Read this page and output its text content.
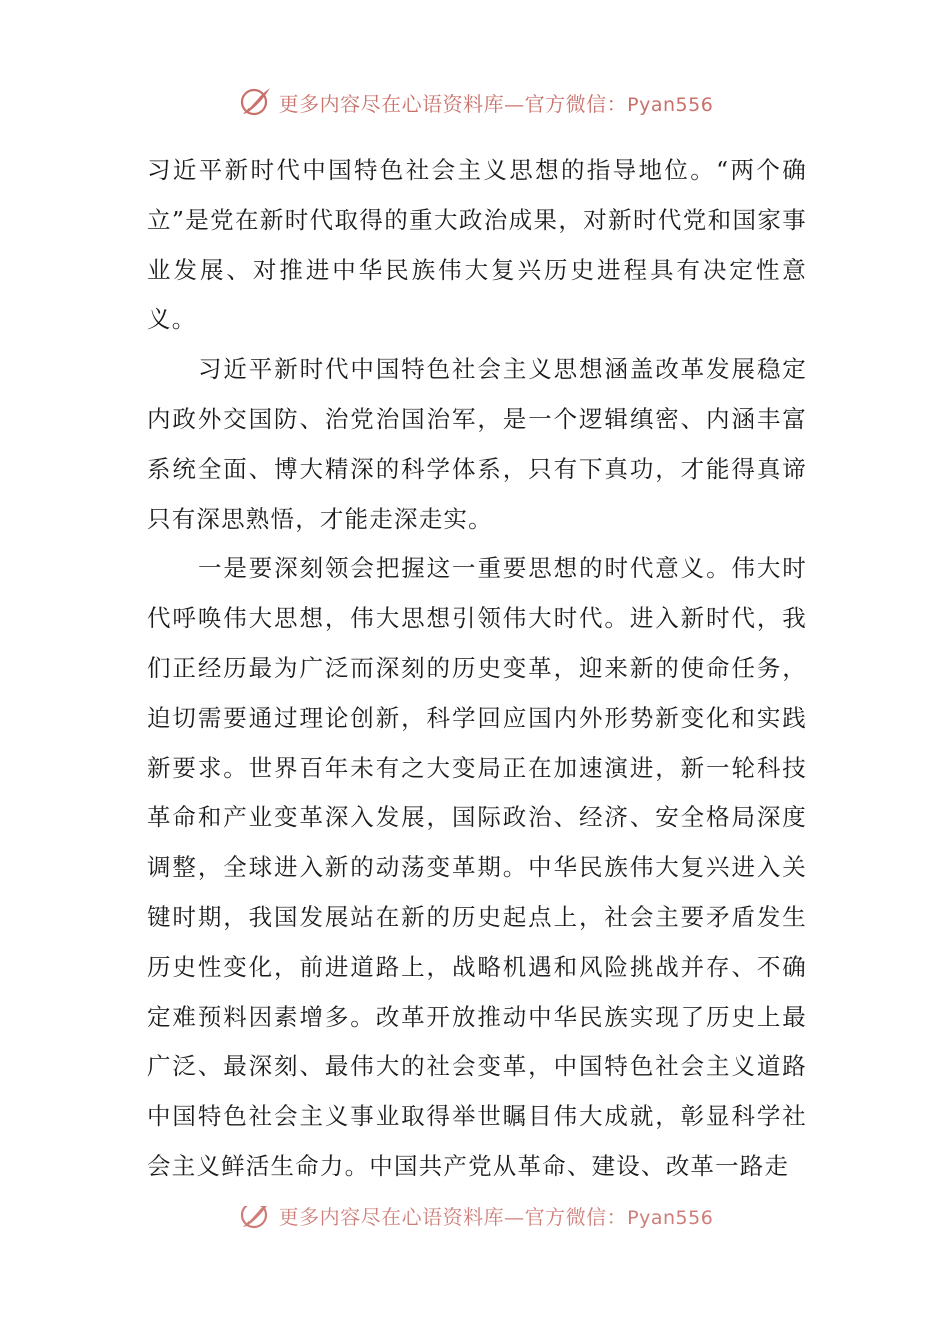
更多内容尽在心语资料库—官方微信：Pyan556

习近平新时代中国特色社会主义思想的指导地位。“两个确立”是党在新时代取得的重大政治成果，对新时代党和国家事业发展、对推进中华民族伟大复兴历史进程具有决定性意义。

习近平新时代中国特色社会主义思想涵盖改革发展稳定内政外交国防、治党治国治军，是一个逻辑缜密、内涵丰富系统全面、博大精深的科学体系，只有下真功，才能得真谛只有深思熟悟，才能走深走实。

一是要深刻领会把握这一重要思想的时代意义。伟大时代呼唤伟大思想，伟大思想引领伟大时代。进入新时代，我们正经历最为广泛而深刻的历史变革，迎来新的使命任务，迫切需要通过理论创新，科学回应国内外形势新变化和实践新要求。世界百年未有之大变局正在加速演进，新一轮科技革命和产业变革深入发展，国际政治、经济、安全格局深度调整，全球进入新的动荡变革期。中华民族伟大复兴进入关键时期，我国发展站在新的历史起点上，社会主要矛盾发生历史性变化，前进道路上，战略机遇和风险挑战并存、不确定难预料因素增多。改革开放推动中华民族实现了历史上最广泛、最深刻、最伟大的社会变革，中国特色社会主义道路中国特色社会主义事业取得举世瞩目伟大成就，彰显科学社会主义鲜活生命力。中国共产党从革命、建设、改革一路走

更多内容尽在心语资料库—官方微信：Pyan556
